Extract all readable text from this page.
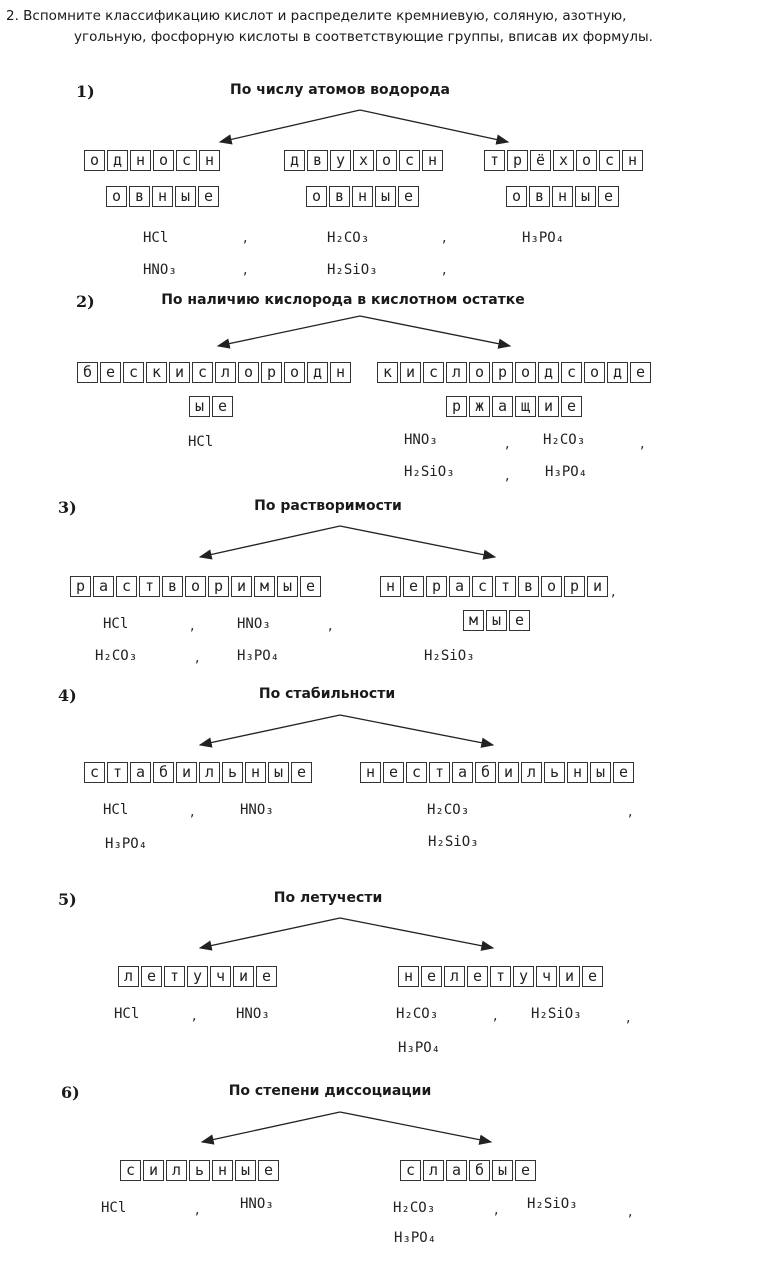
2. Вспомните классификацию кислот и распределите кремниевую, соляную, азотную,
угольную, фосфорную кислоты в соответствующие группы, вписав их формулы.
1)	По числу атомов водорода
о д н о с н
о в н ы е
HCl
HNO₃
,
,
д в у х о с н
о в н ы е
H₂CO₃
H₂SiO₃
,
,
т р ё х о с н
о в н ы е
H₃PO₄
2)	По наличию кислорода в кислотном остатке
б е с к и с л о р о д н
ы е
HCl
к и с л о р о д с о д е
р ж а щ и е
HNO₃	H₂CO₃
H₂SiO₃	H₃PO₄
,	,
,
3)	По растворимости
р а с т в о р и м ы е
HCl	HNO₃
H₂CO₃	H₃PO₄
,	,
,
н е р а с т в о р и
м ы е
H₂SiO₃
,
4)	По стабильности
с т а б и л ь н ы е
HCl	HNO₃
H₃PO₄
,
н е с т а б и л ь н ы е
H₂CO₃
H₂SiO₃
,
5)	По летучести
л е т у ч и е
HCl	HNO₃
,
н е л е т у ч и е
H₂CO₃	H₂SiO₃
H₃PO₄
,	,
6)	По степени диссоциации
с и л ь н ы е
HCl	HNO₃
,
с л а б ы е
H₂CO₃	H₂SiO₃
H₃PO₄
,	,
